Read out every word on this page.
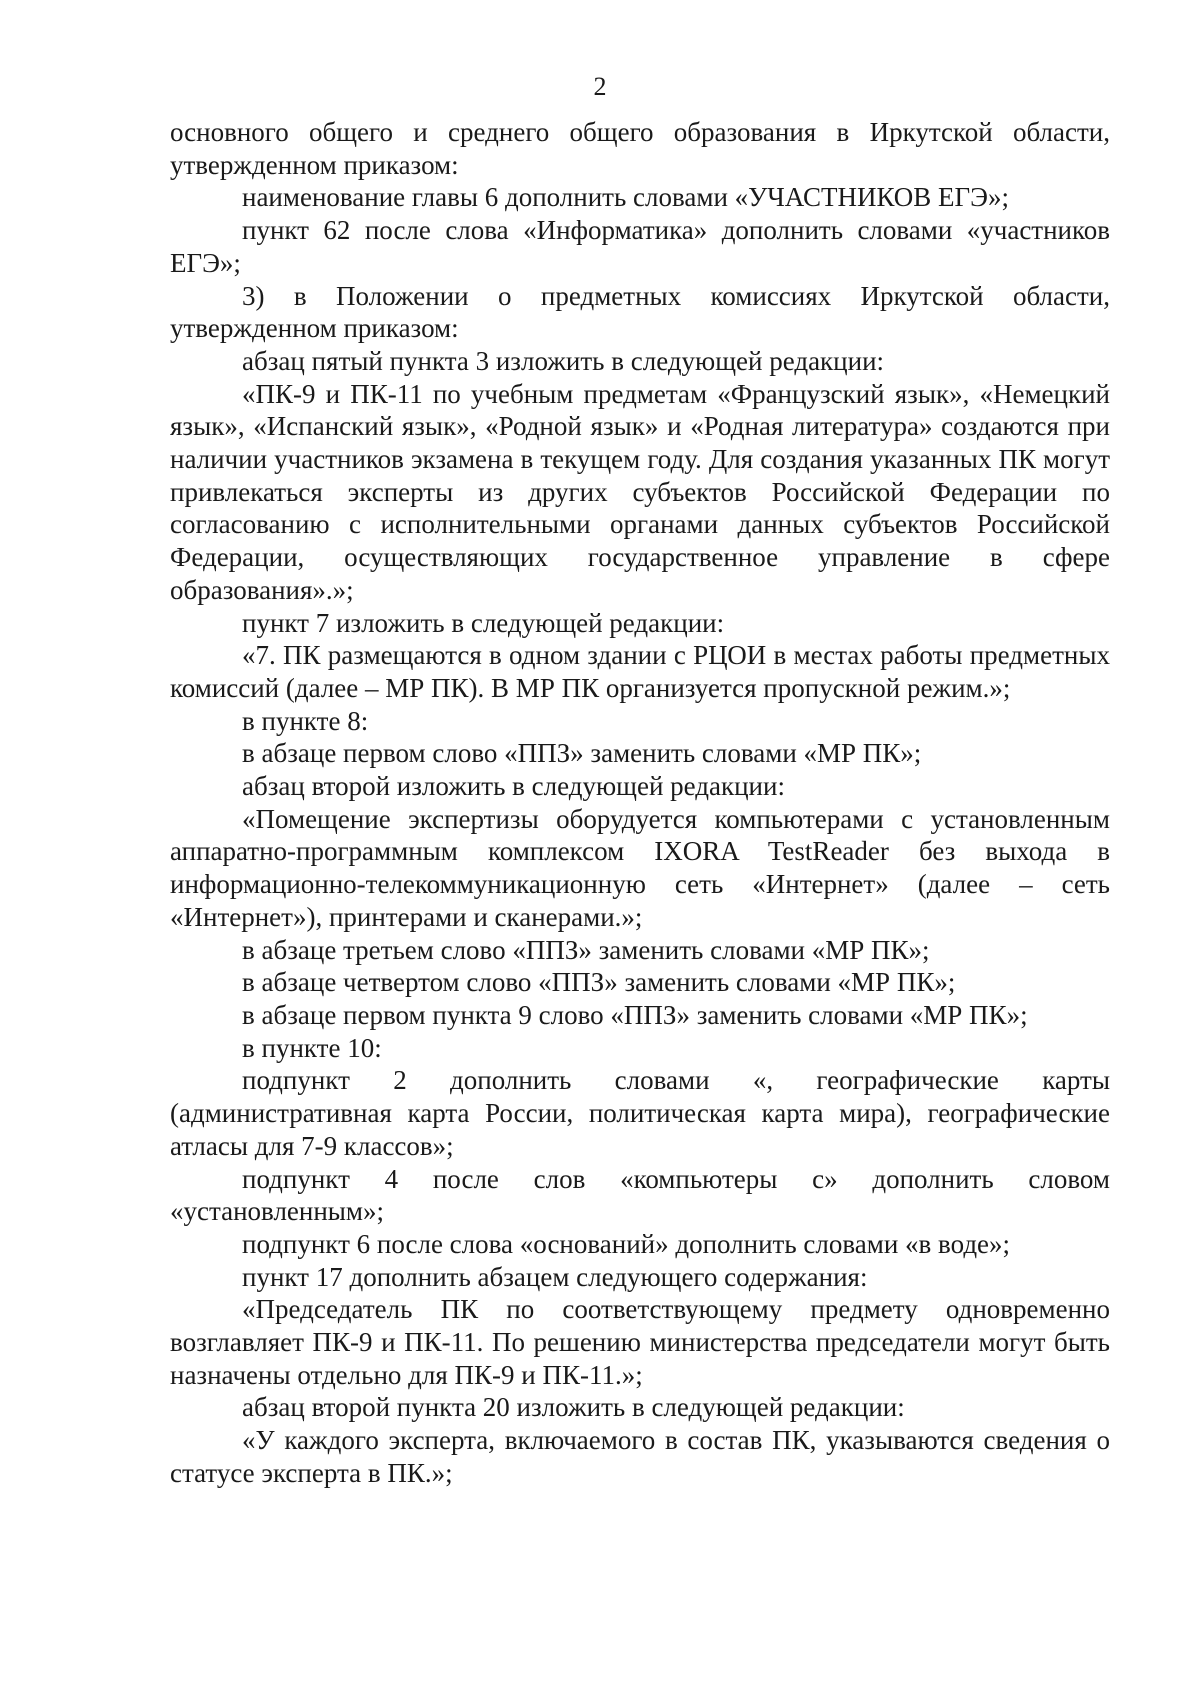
2

основного общего и среднего общего образования в Иркутской области, утвержденном приказом:

наименование главы 6 дополнить словами «УЧАСТНИКОВ ЕГЭ»;

пункт 62 после слова «Информатика» дополнить словами «участников ЕГЭ»;

3) в Положении о предметных комиссиях Иркутской области, утвержденном приказом:

абзац пятый пункта 3 изложить в следующей редакции:

«ПК-9 и ПК-11 по учебным предметам «Французский язык», «Немецкий язык», «Испанский язык», «Родной язык» и «Родная литература» создаются при наличии участников экзамена в текущем году. Для создания указанных ПК могут привлекаться эксперты из других субъектов Российской Федерации по согласованию с исполнительными органами данных субъектов Российской Федерации, осуществляющих государственное управление в сфере образования».»;

пункт 7 изложить в следующей редакции:

«7. ПК размещаются в одном здании с РЦОИ в местах работы предметных комиссий (далее – МР ПК). В МР ПК организуется пропускной режим.»;

в пункте 8:

в абзаце первом слово «ППЗ» заменить словами «МР ПК»;

абзац второй изложить в следующей редакции:

«Помещение экспертизы оборудуется компьютерами с установленным аппаратно-программным комплексом IXORA TestReader без выхода в информационно-телекоммуникационную сеть «Интернет» (далее – сеть «Интернет»), принтерами и сканерами.»;

в абзаце третьем слово «ППЗ» заменить словами «МР ПК»;

в абзаце четвертом слово «ППЗ» заменить словами «МР ПК»;

в абзаце первом пункта 9 слово «ППЗ» заменить словами «МР ПК»;

в пункте 10:

подпункт 2 дополнить словами «, географические карты (административная карта России, политическая карта мира), географические атласы для 7-9 классов»;

подпункт 4 после слов «компьютеры с» дополнить словом «установленным»;

подпункт 6 после слова «оснований» дополнить словами «в воде»;

пункт 17 дополнить абзацем следующего содержания:

«Председатель ПК по соответствующему предмету одновременно возглавляет ПК-9 и ПК-11. По решению министерства председатели могут быть назначены отдельно для ПК-9 и ПК-11.»;

абзац второй пункта 20 изложить в следующей редакции:

«У каждого эксперта, включаемого в состав ПК, указываются сведения о статусе эксперта в ПК.»;
